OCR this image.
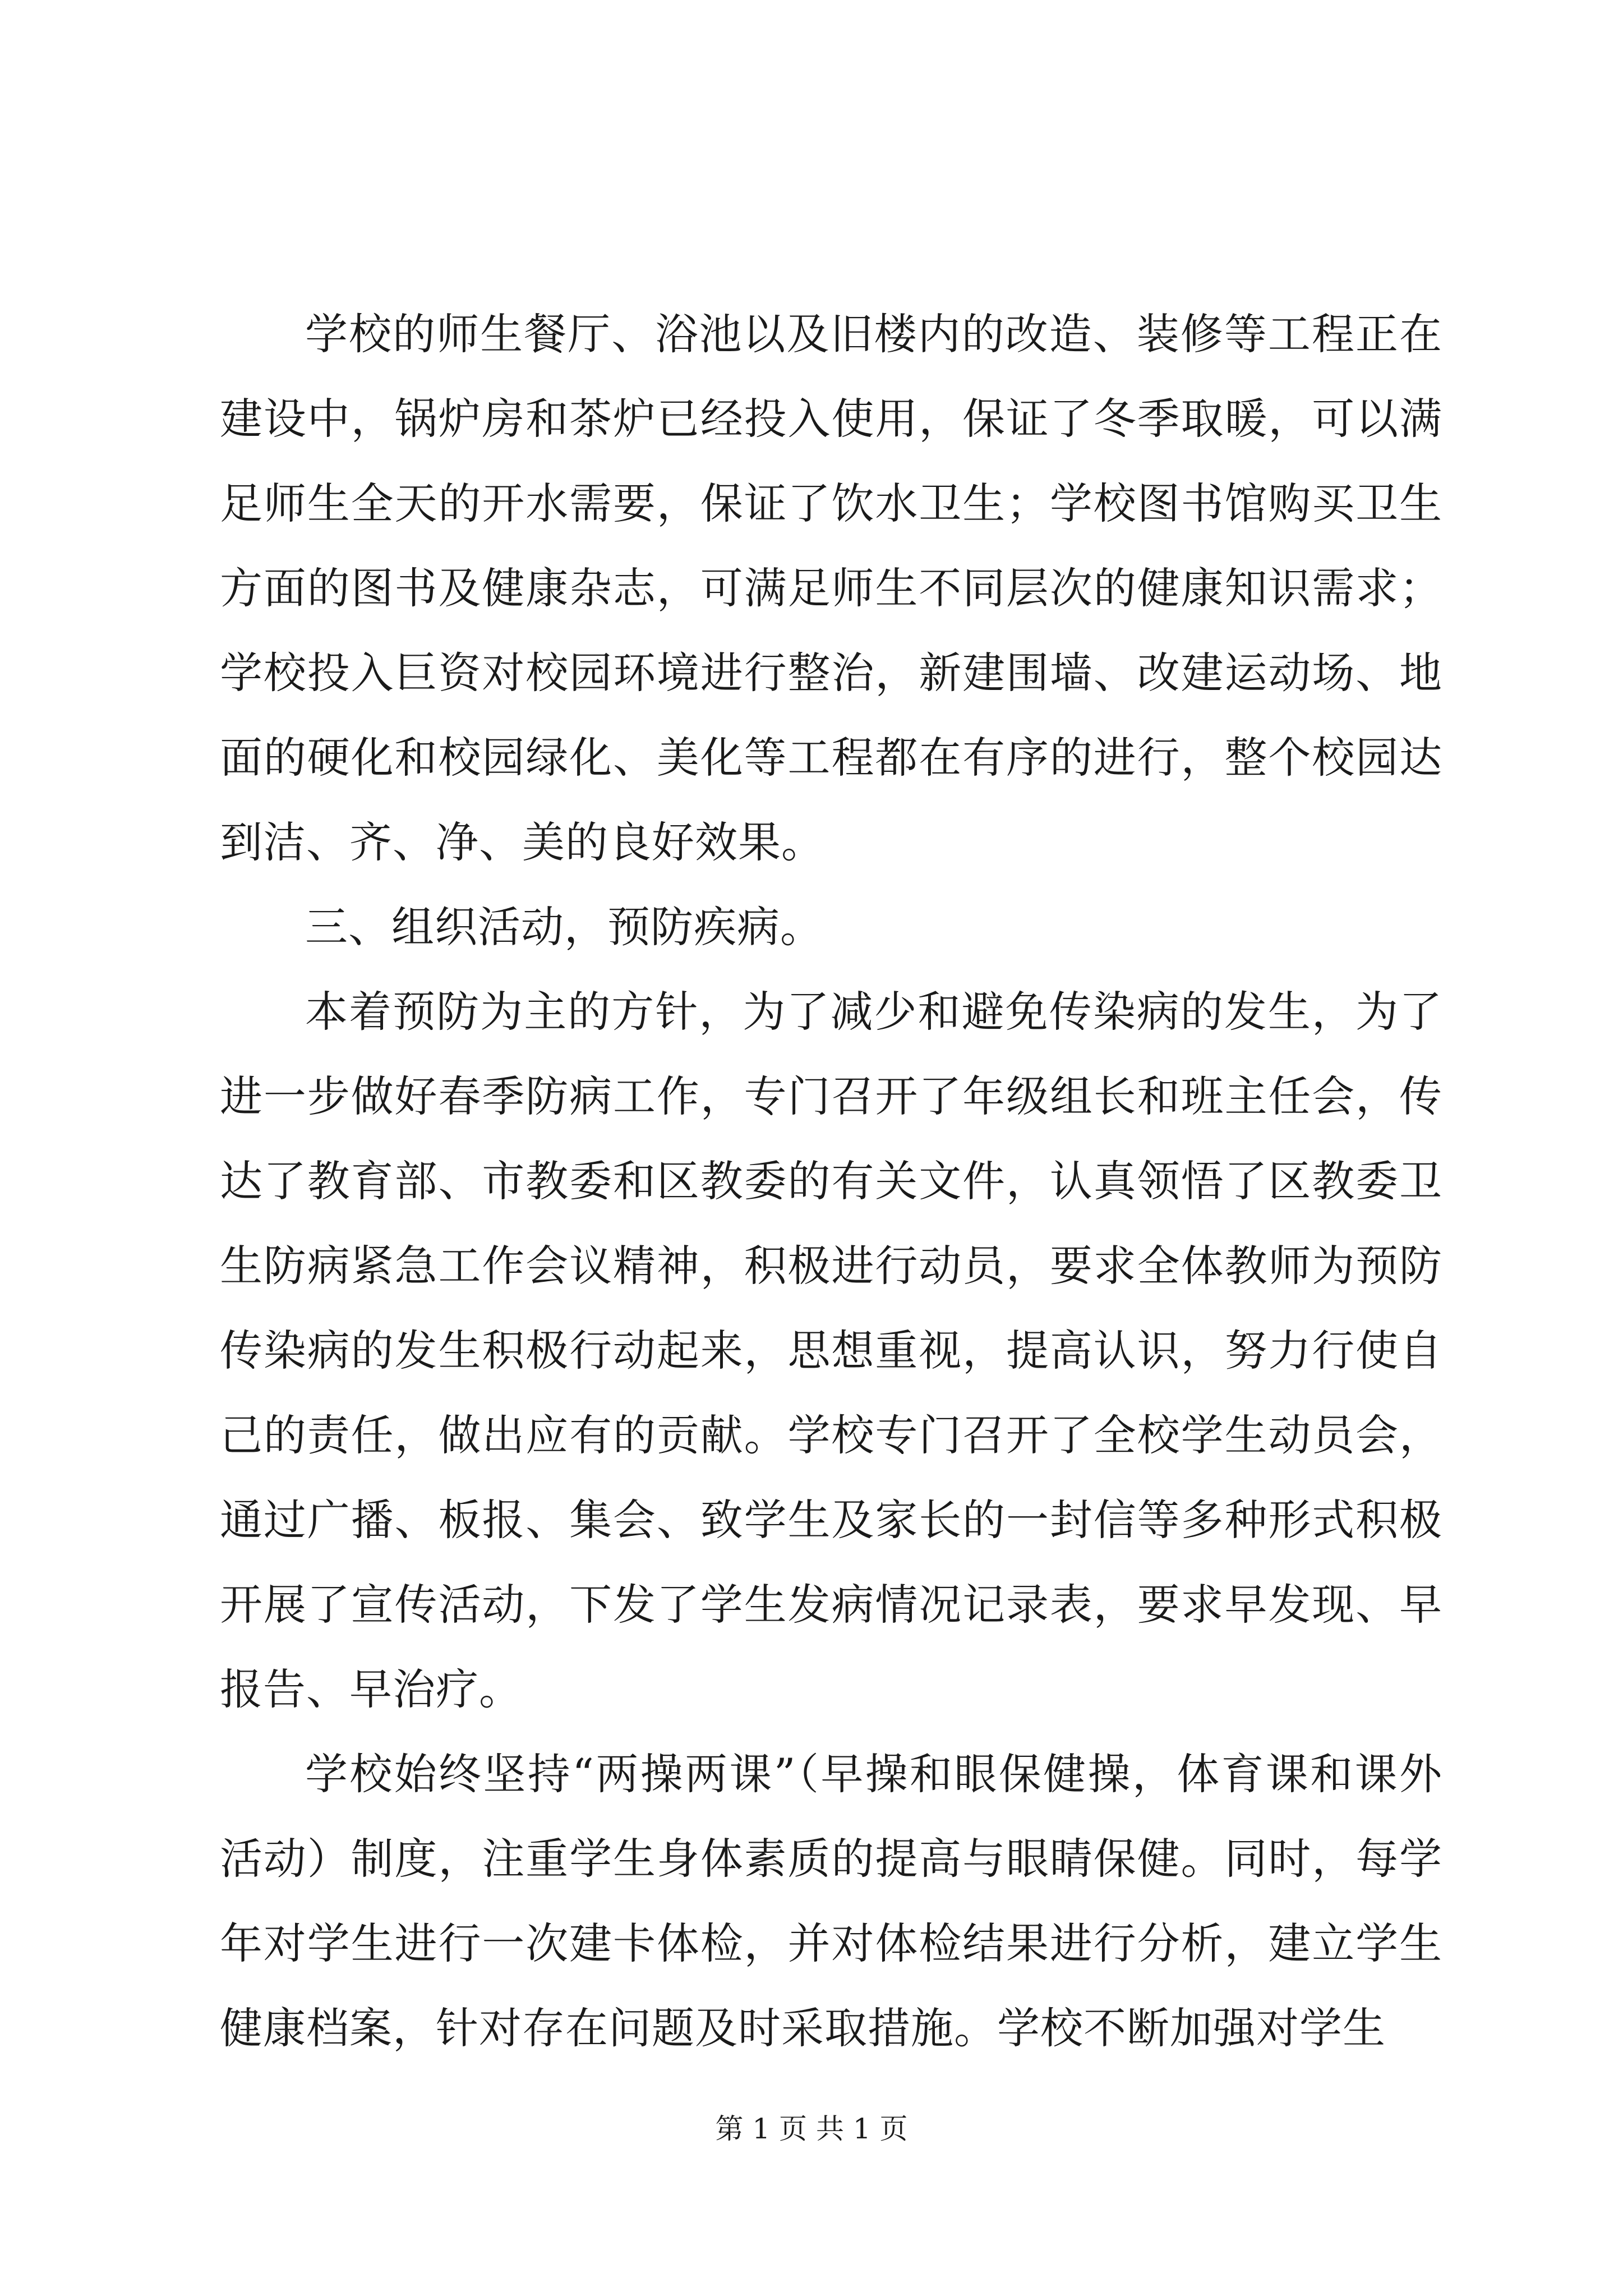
学校的师生餐厅、浴池以及旧楼内的改造、装修等工程正在建设中，锅炉房和茶炉已经投入使用，保证了冬季取暖，可以满足师生全天的开水需要，保证了饮水卫生；学校图书馆购买卫生方面的图书及健康杂志，可满足师生不同层次的健康知识需求；学校投入巨资对校园环境进行整治，新建围墙、改建运动场、地面的硬化和校园绿化、美化等工程都在有序的进行，整个校园达到洁、齐、净、美的良好效果。

三、组织活动，预防疾病。

本着预防为主的方针，为了减少和避免传染病的发生，为了进一步做好春季防病工作，专门召开了年级组长和班主任会，传达了教育部、市教委和区教委的有关文件，认真领悟了区教委卫生防病紧急工作会议精神，积极进行动员，要求全体教师为预防传染病的发生积极行动起来，思想重视，提高认识，努力行使自己的责任，做出应有的贡献。学校专门召开了全校学生动员会，通过广播、板报、集会、致学生及家长的一封信等多种形式积极开展了宣传活动，下发了学生发病情况记录表，要求早发现、早报告、早治疗。

学校始终坚持“两操两课”（早操和眼保健操，体育课和课外活动）制度，注重学生身体素质的提高与眼睛保健。同时，每学年对学生进行一次建卡体检，并对体检结果进行分析，建立学生健康档案，针对存在问题及时采取措施。学校不断加强对学生

第 1 页 共 1 页
